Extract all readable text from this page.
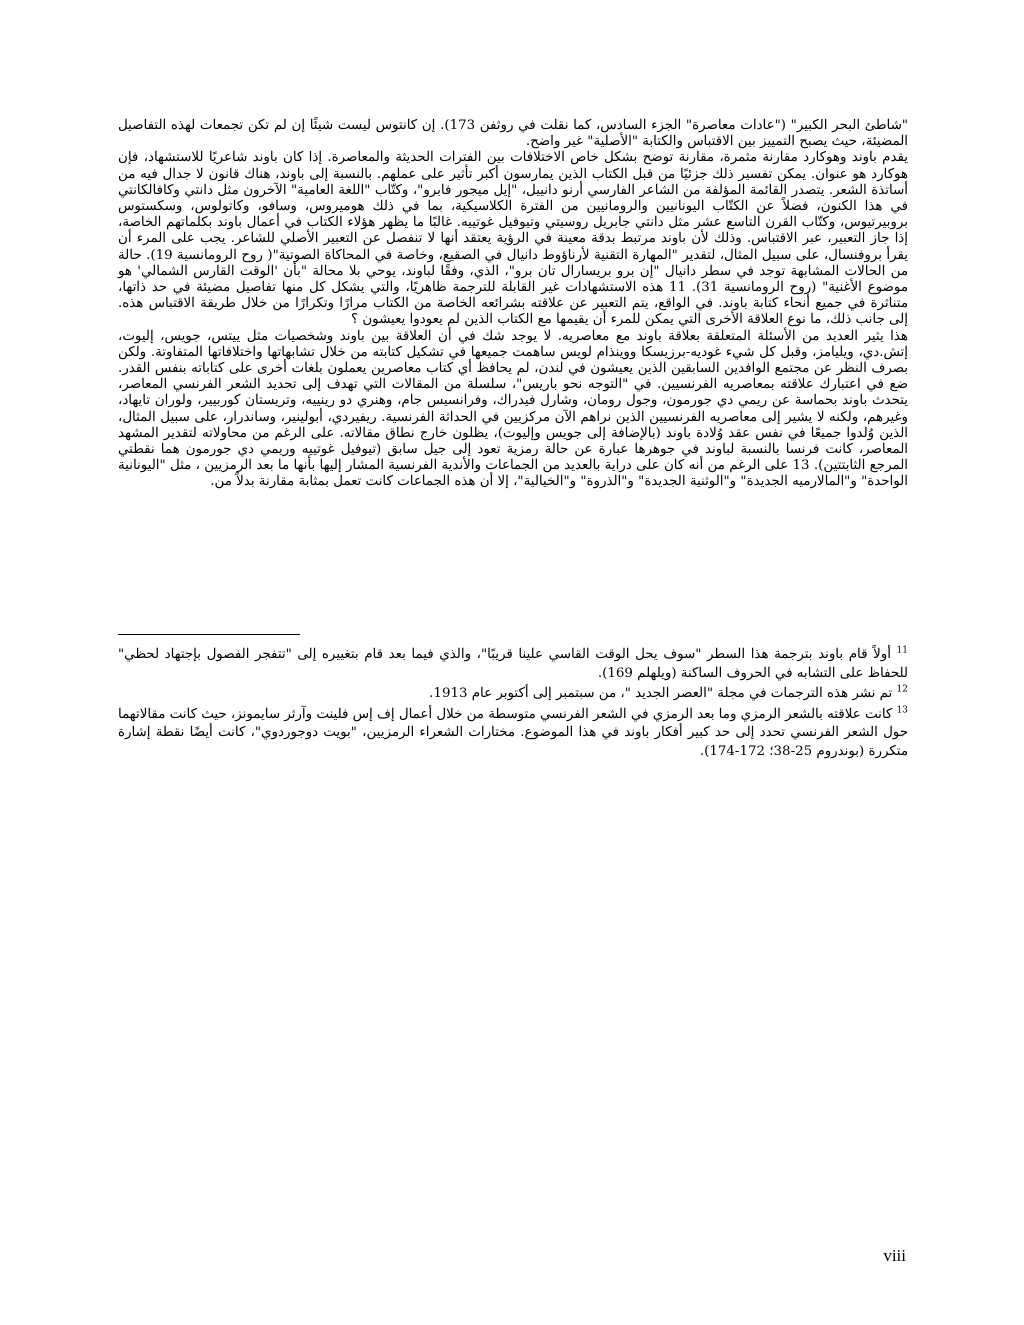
"شاطئ البحر الكبير" ("عادات معاصرة" الجزء السادس، كما نقلت في روثفن 173). إن كانتوس ليست شيئًا إن لم تكن تجمعات لهذه التفاصيل المضيئة، حيث يصبح التمييز بين الاقتباس والكتابة "الأصلية" غير واضح.

يقدم باوند وهوكارد مقارنة مثمرة، مقارنة توضح بشكل خاص الاختلافات بين الفترات الحديثة والمعاصرة. إذا كان باوند شاعريًا للاستشهاد، فإن هوكارد هو عنوان. يمكن تفسير ذلك جزئيًا من قبل الكتاب الذين يمارسون أكبر تأثير على عملهم. بالنسبة إلى باوند، هناك قانون لا جدال فيه من أساتذة الشعر. يتصدر القائمة المؤلفة من الشاعر الفارسي أرنو دانييل، "إيل ميجور فابرو"، وكتّاب "اللغة العامية" الآخرون مثل دانتي وكافالكانتي في هذا الكنون، فضلاً عن الكتّاب اليونانيين والرومانيين من الفترة الكلاسيكية، بما في ذلك هوميروس، وسافو، وكاتولوس، وسكستوس بروبيرتيوس، وكتّاب القرن التاسع عشر مثل دانتي جابريل روسيتي وتيوفيل غوتييه. غالبًا ما يظهر هؤلاء الكتاب في أعمال باوند بكلماتهم الخاصة، إذا جاز التعبير، عبر الاقتباس. وذلك لأن باوند مرتبط بدقة معينة في الرؤية يعتقد أنها لا تنفصل عن التعبير الأصلي للشاعر. يجب على المرء أن يقرأ بروفنسال، على سبيل المثال، لتقدير "المهارة التقنية لأرناؤوط دانيال في الصقيع، وخاصة في المحاكاة الصوتية"( روح الرومانسية 19). حالة من الحالات المشابهة توجد في سطر دانيال "إن برو بريسارال تان برو"، الذي، وفقًا لباوند، يوحي بلا محالة "بأن 'الوقت القارس الشمالي' هو موضوع الأغنية" (روح الرومانسية 31). 11 هذه الاستشهادات غير القابلة للترجمة ظاهريًا، والتي يشكل كل منها تفاصيل مضيئة في حد ذاتها، متناثرة في جميع أنحاء كتابة باوند. في الواقع، يتم التعبير عن علاقته بشرائعه الخاصة من الكتاب مرارًا وتكرارًا من خلال طريقة الاقتباس هذه. إلى جانب ذلك، ما نوع العلاقة الأخرى التي يمكن للمرء أن يقيمها مع الكتاب الذين لم يعودوا يعيشون ؟

هذا يثير العديد من الأسئلة المتعلقة بعلاقة باوند مع معاصريه. لا يوجد شك في أن العلاقة بين باوند وشخصيات مثل ييتس، جويس، إليوت، إتش.دي، ويليامز، وقبل كل شيء غوديه-برزيسكا ووينذام لويس ساهمت جميعها في تشكيل كتابته من خلال تشابهاتها واختلافاتها المتفاوتة. ولكن بصرف النظر عن مجتمع الوافدين السابقين الذين يعيشون في لندن، لم يحافظ أي كتاب معاصرين يعملون بلغات أخرى على كتاباته بنفس القدر. ضع في اعتبارك علاقته بمعاصريه الفرنسيين. في "التوجه نحو باريس"، سلسلة من المقالات التي تهدف إلى تحديد الشعر الفرنسي المعاصر، يتحدث باوند بحماسة عن ريمي دي جورمون، وجول رومان، وشارل فيدراك، وفرانسيس جام، وهنري دو رينييه، وتريستان كوربيير، ولوران تايهاد، وغيرهم، ولكنه لا يشير إلى معاصريه الفرنسيين الذين نراهم الآن مركزيين في الحداثة الفرنسية. ريفيردي، أبولينير، وساندرار، على سبيل المثال، الذين وُلدوا جميعًا في نفس عقد وُلادة باوند (بالإضافة إلى جويس وإليوت)، يظلون خارج نطاق مقالاته. على الرغم من محاولاته لتقدير المشهد المعاصر، كانت فرنسا بالنسبة لباوند في جوهرها عبارة عن حالة رمزية تعود إلى جيل سابق (تيوفيل غوتييه وريمي دي جورمون هما نقطتي المرجع الثابتتين). 13 على الرغم من أنه كان على دراية بالعديد من الجماعات والأندية الفرنسية المشار إليها بأنها ما بعد الرمزيين ، مثل "اليونانية الواحدة" و"المالارميه الجديدة" و"الوثنية الجديدة" و"الذروة" و"الخيالية"، إلا أن هذه الجماعات كانت تعمل بمثابة مقارنة بدلاً من.

$^{11}$ أولاً قام باوند بترجمة هذا السطر "سوف يحل الوقت القاسي علينا قريبًا"، والذي فيما بعد قام بتغييره إلى "تتفجر الفصول بإجتهاد لحظي" للحفاظ على التشابه في الحروف الساكنة (ويلهلم 169).

$^{12}$ تم نشر هذه الترجمات في مجلة "العصر الجديد "، من سبتمبر إلى أكتوبر عام 1913.

$^{13}$ كانت علاقته بالشعر الرمزي وما بعد الرمزي في الشعر الفرنسي متوسطة من خلال أعمال إف إس فلينت وآرثر سايمونز، حيث كانت مقالاتهما حول الشعر الفرنسي تحدد إلى حد كبير أفكار باوند في هذا الموضوع. مختارات الشعراء الرمزيين، "بويت دوجوردوي"، كانت أيضًا نقطة إشارة متكررة (بوندروم 25-38؛ 172-174).

viii
